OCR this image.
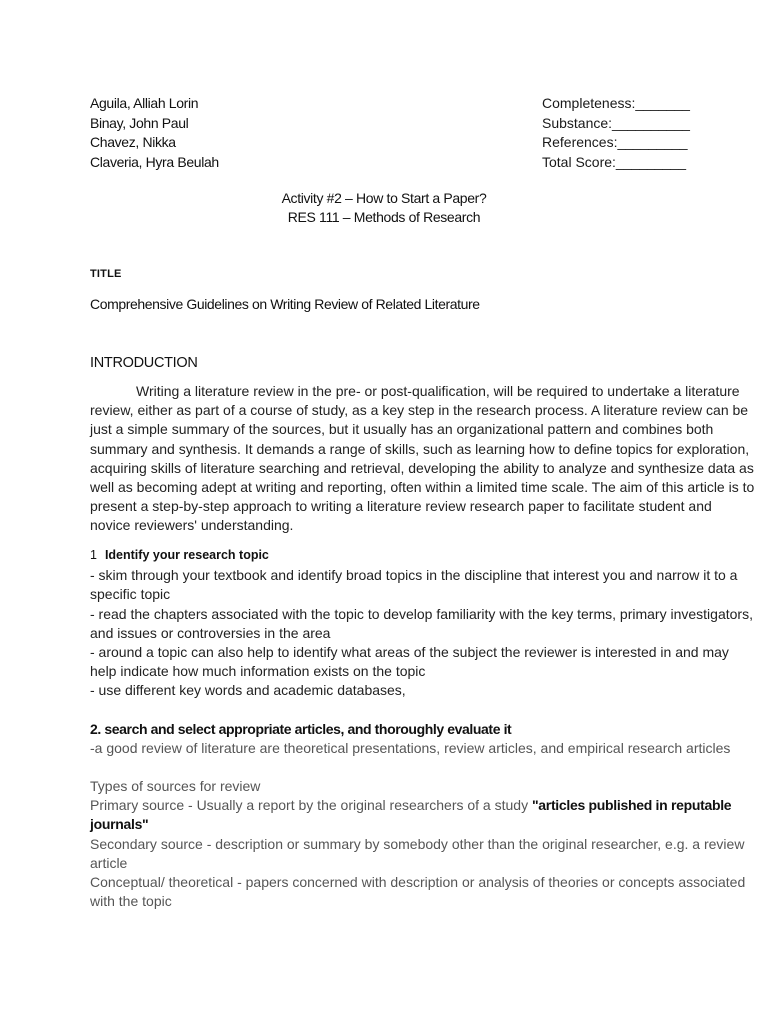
Aguila, Alliah Lorin
Binay, John Paul
Chavez, Nikka
Claveria, Hyra Beulah
Completeness:_______
Substance:__________
References:_________
Total Score:_________
Activity #2 – How to Start a Paper?
RES 111 – Methods of Research
TITLE
Comprehensive Guidelines on Writing Review of Related Literature
INTRODUCTION
Writing a literature review in the pre- or post-qualification, will be required to undertake a literature
review, either as part of a course of study, as a key step in the research process. A literature review can be
just a simple summary of the sources, but it usually has an organizational pattern and combines both
summary and synthesis. It demands a range of skills, such as learning how to define topics for exploration,
acquiring skills of literature searching and retrieval, developing the ability to analyze and synthesize data as
well as becoming adept at writing and reporting, often within a limited time scale. The aim of this article is to
present a step-by-step approach to writing a literature review research paper to facilitate student and
novice reviewers' understanding.
1 Identify your research topic
- skim through your textbook and identify broad topics in the discipline that interest you and narrow it to a
specific topic
- read the chapters associated with the topic to develop familiarity with the key terms, primary investigators,
and issues or controversies in the area
- around a topic can also help to identify what areas of the subject the reviewer is interested in and may
help indicate how much information exists on the topic
- use different key words and academic databases,
2. search and select appropriate articles, and thoroughly evaluate it
-a good review of literature are theoretical presentations, review articles, and empirical research articles
Types of sources for review
Primary source - Usually a report by the original researchers of a study "articles published in reputable
journals"
Secondary source - description or summary by somebody other than the original researcher, e.g. a review
article
Conceptual/ theoretical - papers concerned with description or analysis of theories or concepts associated
with the topic
